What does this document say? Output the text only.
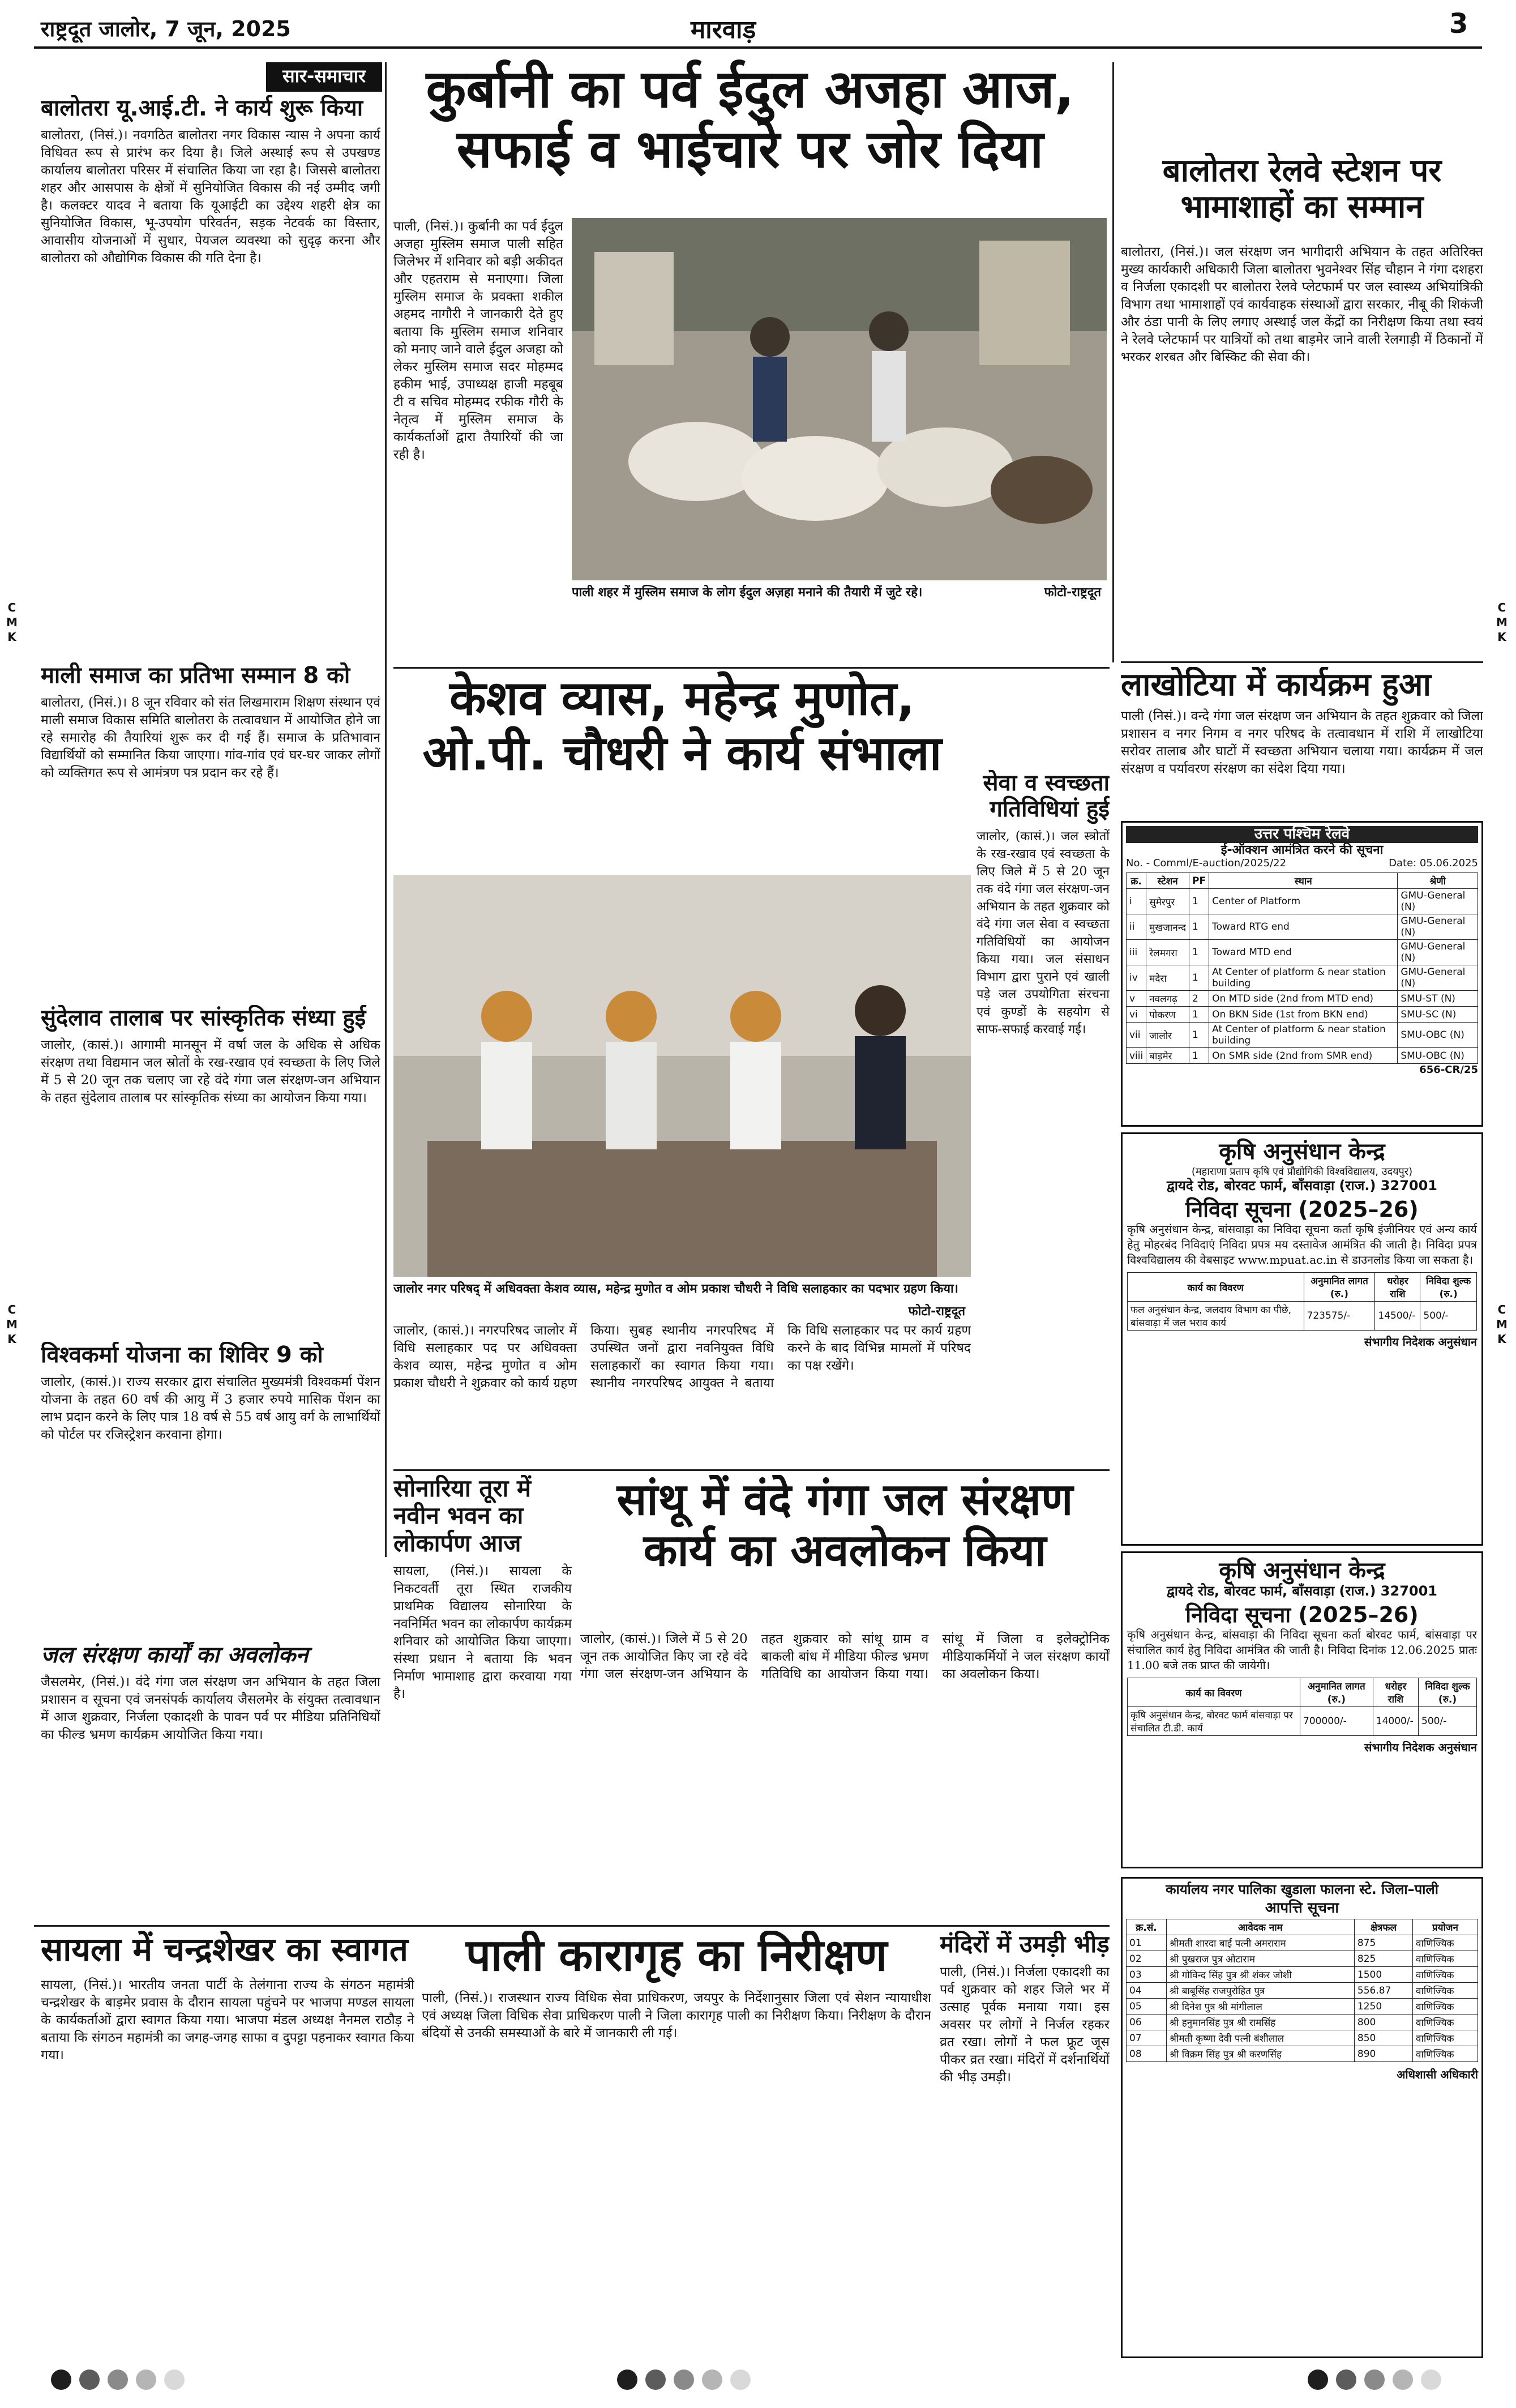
राष्ट्रदूत जालोर, 7 जून, 2025	मारवाड़	3
C
M
K
C
M
K
C
M
K
C
M
K
सार-समाचार
बालोतरा यू.आई.टी. ने कार्य शुरू किया
बालोतरा, (निसं.)। नवगठित बालोतरा नगर विकास न्यास ने अपना कार्य विधिवत रूप से प्रारंभ कर दिया है। जिले अस्थाई रूप से उपखण्ड कार्यालय बालोतरा परिसर में संचालित किया जा रहा है। जिससे बालोतरा शहर और आसपास के क्षेत्रों में सुनियोजित विकास की नई उम्मीद जगी है। कलक्टर यादव ने बताया कि यूआईटी का उद्देश्य शहरी क्षेत्र का सुनियोजित विकास, भू-उपयोग परिवर्तन, सड़क नेटवर्क का विस्तार, आवासीय योजनाओं में सुधार, पेयजल व्यवस्था को सुदृढ़ करना और बालोतरा को औद्योगिक विकास की गति देना है।
माली समाज का प्रतिभा सम्मान 8 को
बालोतरा, (निसं.)। 8 जून रविवार को संत लिखमाराम शिक्षण संस्थान एवं माली समाज विकास समिति बालोतरा के तत्वावधान में आयोजित होने जा रहे समारोह की तैयारियां शुरू कर दी गई हैं। समाज के प्रतिभावान विद्यार्थियों को सम्मानित किया जाएगा। गांव-गांव एवं घर-घर जाकर लोगों को व्यक्तिगत रूप से आमंत्रण पत्र प्रदान कर रहे हैं।
सुंदेलाव तालाब पर सांस्कृतिक संध्या हुई
जालोर, (कासं.)। आगामी मानसून में वर्षा जल के अधिक से अधिक संरक्षण तथा विद्यमान जल स्रोतों के रख-रखाव एवं स्वच्छता के लिए जिले में 5 से 20 जून तक चलाए जा रहे वंदे गंगा जल संरक्षण-जन अभियान के तहत सुंदेलाव तालाब पर सांस्कृतिक संध्या का आयोजन किया गया।
विश्वकर्मा योजना का शिविर 9 को
जालोर, (कासं.)। राज्य सरकार द्वारा संचालित मुख्यमंत्री विश्वकर्मा पेंशन योजना के तहत 60 वर्ष की आयु में 3 हजार रुपये मासिक पेंशन का लाभ प्रदान करने के लिए पात्र 18 वर्ष से 55 वर्ष आयु वर्ग के लाभार्थियों को पोर्टल पर रजिस्ट्रेशन करवाना होगा।
जल संरक्षण कार्यों का अवलोकन
जैसलमेर, (निसं.)। वंदे गंगा जल संरक्षण जन अभियान के तहत जिला प्रशासन व सूचना एवं जनसंपर्क कार्यालय जैसलमेर के संयुक्त तत्वावधान में आज शुक्रवार, निर्जला एकादशी के पावन पर्व पर मीडिया प्रतिनिधियों का फील्ड भ्रमण कार्यक्रम आयोजित किया गया।
कुर्बानी का पर्व ईदुल अजहा आज, सफाई व भाईचारे पर जोर दिया
पाली, (निसं.)। कुर्बानी का पर्व ईदुल अजहा मुस्लिम समाज पाली सहित जिलेभर में शनिवार को बड़ी अकीदत और एहतराम से मनाएगा। जिला मुस्लिम समाज के प्रवक्ता शकील अहमद नागौरी ने जानकारी देते हुए बताया कि मुस्लिम समाज शनिवार को मनाए जाने वाले ईदुल अजहा को लेकर मुस्लिम समाज सदर मोहम्मद हकीम भाई, उपाध्यक्ष हाजी महबूब टी व सचिव मोहम्मद रफीक गौरी के नेतृत्व में मुस्लिम समाज के कार्यकर्ताओं द्वारा तैयारियों की जा रही है।
पाली शहर में मुस्लिम समाज के लोग ईदुल अज़हा मनाने की तैयारी में जुटे रहे।	फोटो-राष्ट्रदूत
बालोतरा रेलवे स्टेशन पर भामाशाहों का सम्मान
बालोतरा, (निसं.)। जल संरक्षण जन भागीदारी अभियान के तहत अतिरिक्त मुख्य कार्यकारी अधिकारी जिला बालोतरा भुवनेश्वर सिंह चौहान ने गंगा दशहरा व निर्जला एकादशी पर बालोतरा रेलवे प्लेटफार्म पर जल स्वास्थ्य अभियांत्रिकी विभाग तथा भामाशाहों एवं कार्यवाहक संस्थाओं द्वारा सरकार, नीबू की शिकंजी और ठंडा पानी के लिए लगाए अस्थाई जल केंद्रों का निरीक्षण किया तथा स्वयं ने रेलवे प्लेटफार्म पर यात्रियों को तथा बाड़मेर जाने वाली रेलगाड़ी में ठिकानों में भरकर शरबत और बिस्किट की सेवा की।
लाखोटिया में कार्यक्रम हुआ
पाली (निसं.)। वन्दे गंगा जल संरक्षण जन अभियान के तहत शुक्रवार को जिला प्रशासन व नगर निगम व नगर परिषद के तत्वावधान में राशि में लाखोटिया सरोवर तालाब और घाटों में स्वच्छता अभियान चलाया गया। कार्यक्रम में जल संरक्षण व पर्यावरण संरक्षण का संदेश दिया गया।
केशव व्यास, महेन्द्र मुणोत, ओ.पी. चौधरी ने कार्य संभाला
जालोर नगर परिषद् में अधिवक्ता केशव व्यास, महेन्द्र मुणोत व ओम प्रकाश चौधरी ने विधि सलाहकार का पदभार ग्रहण किया।
फोटो-राष्ट्रदूत
जालोर, (कासं.)। नगरपरिषद जालोर में विधि सलाहकार पद पर अधिवक्ता केशव व्यास, महेन्द्र मुणोत व ओम प्रकाश चौधरी ने शुक्रवार को कार्य ग्रहण किया। सुबह स्थानीय नगरपरिषद में उपस्थित जनों द्वारा नवनियुक्त विधि सलाहकारों का स्वागत किया गया। स्थानीय नगरपरिषद आयुक्त ने बताया कि विधि सलाहकार पद पर कार्य ग्रहण करने के बाद विभिन्न मामलों में परिषद का पक्ष रखेंगे।
सेवा व स्वच्छता गतिविधियां हुई
जालोर, (कासं.)। जल स्त्रोतों के रख-रखाव एवं स्वच्छता के लिए जिले में 5 से 20 जून तक वंदे गंगा जल संरक्षण-जन अभियान के तहत शुक्रवार को वंदे गंगा जल सेवा व स्वच्छता गतिविधियों का आयोजन किया गया। जल संसाधन विभाग द्वारा पुराने एवं खाली पड़े जल उपयोगिता संरचना एवं कुण्डों के सहयोग से साफ-सफाई करवाई गई।
उत्तर पश्चिम रेलवे
ई-ऑक्शन आमंत्रित करने की सूचना
No. - Comml/E-auction/2025/22	Date: 05.06.2025
क्र.	स्टेशन	PF	स्थान	श्रेणी
i	सुमेरपुर	1	Center of Platform	GMU-General (N)
ii	मुखजानन्द	1	Toward RTG end	GMU-General (N)
iii	रेलमगरा	1	Toward MTD end	GMU-General (N)
iv	मदेरा	1	At Center of platform & near station building	GMU-General (N)
v	नवलगढ़	2	On MTD side (2nd from MTD end)	SMU-ST (N)
vi	पोकरण	1	On BKN Side (1st from BKN end)	SMU-SC (N)
vii	जालोर	1	At Center of platform & near station building	SMU-OBC (N)
viii	बाड़मेर	1	On SMR side (2nd from SMR end)	SMU-OBC (N)
656-CR/25
कृषि अनुसंधान केन्द्र
(महाराणा प्रताप कृषि एवं प्रौद्योगिकी विश्वविद्यालय, उदयपुर)
द्वायदे रोड, बोरवट फार्म, बाँसवाड़ा (राज.) 327001
निविदा सूचना (2025–26)
कृषि अनुसंधान केन्द्र, बांसवाड़ा का निविदा सूचना कर्ता कृषि इंजीनियर एवं अन्य कार्य हेतु मोहरबंद निविदाएं निविदा प्रपत्र मय दस्तावेज आमंत्रित की जाती है। निविदा प्रपत्र विश्वविद्यालय की वेबसाइट www.mpuat.ac.in से डाउनलोड किया जा सकता है।
कार्य का विवरण	अनुमानित लागत (रु.)	धरोहर राशि	निविदा शुल्क (रु.)
फल अनुसंधान केन्द्र, जलदाय विभाग का पीछे, बांसवाड़ा में जल भराव कार्य	723575/-	14500/-	500/-
संभागीय निदेशक अनुसंधान
कृषि अनुसंधान केन्द्र
द्वायदे रोड, बोरवट फार्म, बाँसवाड़ा (राज.) 327001
निविदा सूचना (2025–26)
कृषि अनुसंधान केन्द्र, बांसवाड़ा की निविदा सूचना कर्ता बोरवट फार्म, बांसवाड़ा पर संचालित कार्य हेतु निविदा आमंत्रित की जाती है। निविदा दिनांक 12.06.2025 प्रातः 11.00 बजे तक प्राप्त की जायेगी।
कार्य का विवरण	अनुमानित लागत (रु.)	धरोहर राशि	निविदा शुल्क (रु.)
कृषि अनुसंधान केन्द्र, बोरवट फार्म बांसवाड़ा पर संचालित टी.डी. कार्य	700000/-	14000/-	500/-
संभागीय निदेशक अनुसंधान
सोनारिया तूरा में नवीन भवन का लोकार्पण आज
सायला, (निसं.)। सायला के निकटवर्ती तूरा स्थित राजकीय प्राथमिक विद्यालय सोनारिया के नवनिर्मित भवन का लोकार्पण कार्यक्रम शनिवार को आयोजित किया जाएगा। संस्था प्रधान ने बताया कि भवन निर्माण भामाशाह द्वारा करवाया गया है।
सांथू में वंदे गंगा जल संरक्षण कार्य का अवलोकन किया
जालोर, (कासं.)। जिले में 5 से 20 जून तक आयोजित किए जा रहे वंदे गंगा जल संरक्षण-जन अभियान के तहत शुक्रवार को सांथू ग्राम व बाकली बांध में मीडिया फील्ड भ्रमण गतिविधि का आयोजन किया गया। सांथू में जिला व इलेक्ट्रोनिक मीडियाकर्मियों ने जल संरक्षण कार्यों का अवलोकन किया।
सायला में चन्द्रशेखर का स्वागत
सायला, (निसं.)। भारतीय जनता पार्टी के तेलंगाना राज्य के संगठन महामंत्री चन्द्रशेखर के बाड़मेर प्रवास के दौरान सायला पहुंचने पर भाजपा मण्डल सायला के कार्यकर्ताओं द्वारा स्वागत किया गया। भाजपा मंडल अध्यक्ष नैनमल राठौड़ ने बताया कि संगठन महामंत्री का जगह-जगह साफा व दुपट्टा पहनाकर स्वागत किया गया।
पाली कारागृह का निरीक्षण
पाली, (निसं.)। राजस्थान राज्य विधिक सेवा प्राधिकरण, जयपुर के निर्देशानुसार जिला एवं सेशन न्यायाधीश एवं अध्यक्ष जिला विधिक सेवा प्राधिकरण पाली ने जिला कारागृह पाली का निरीक्षण किया। निरीक्षण के दौरान बंदियों से उनकी समस्याओं के बारे में जानकारी ली गई।
मंदिरों में उमड़ी भीड़
पाली, (निसं.)। निर्जला एकादशी का पर्व शुक्रवार को शहर जिले भर में उत्साह पूर्वक मनाया गया। इस अवसर पर लोगों ने निर्जल रहकर व्रत रखा। लोगों ने फल फ्रूट जूस पीकर व्रत रखा। मंदिरों में दर्शनार्थियों की भीड़ उमड़ी।
कार्यालय नगर पालिका खुडाला फालना स्टे. जिला–पाली
आपत्ति सूचना
क्र.सं.	आवेदक नाम	क्षेत्रफल	प्रयोजन
01	श्रीमती शारदा बाई पत्नी अमराराम	875	वाणिज्यिक
02	श्री पुखराज पुत्र ओटाराम	825	वाणिज्यिक
03	श्री गोविन्द सिंह पुत्र श्री शंकर जोशी	1500	वाणिज्यिक
04	श्री बाबूसिंह राजपुरोहित पुत्र	556.87	वाणिज्यिक
05	श्री दिनेश पुत्र श्री मांगीलाल	1250	वाणिज्यिक
06	श्री हनुमानसिंह पुत्र श्री रामसिंह	800	वाणिज्यिक
07	श्रीमती कृष्णा देवी पत्नी बंशीलाल	850	वाणिज्यिक
08	श्री विक्रम सिंह पुत्र श्री करणसिंह	890	वाणिज्यिक
अधिशासी अधिकारी
